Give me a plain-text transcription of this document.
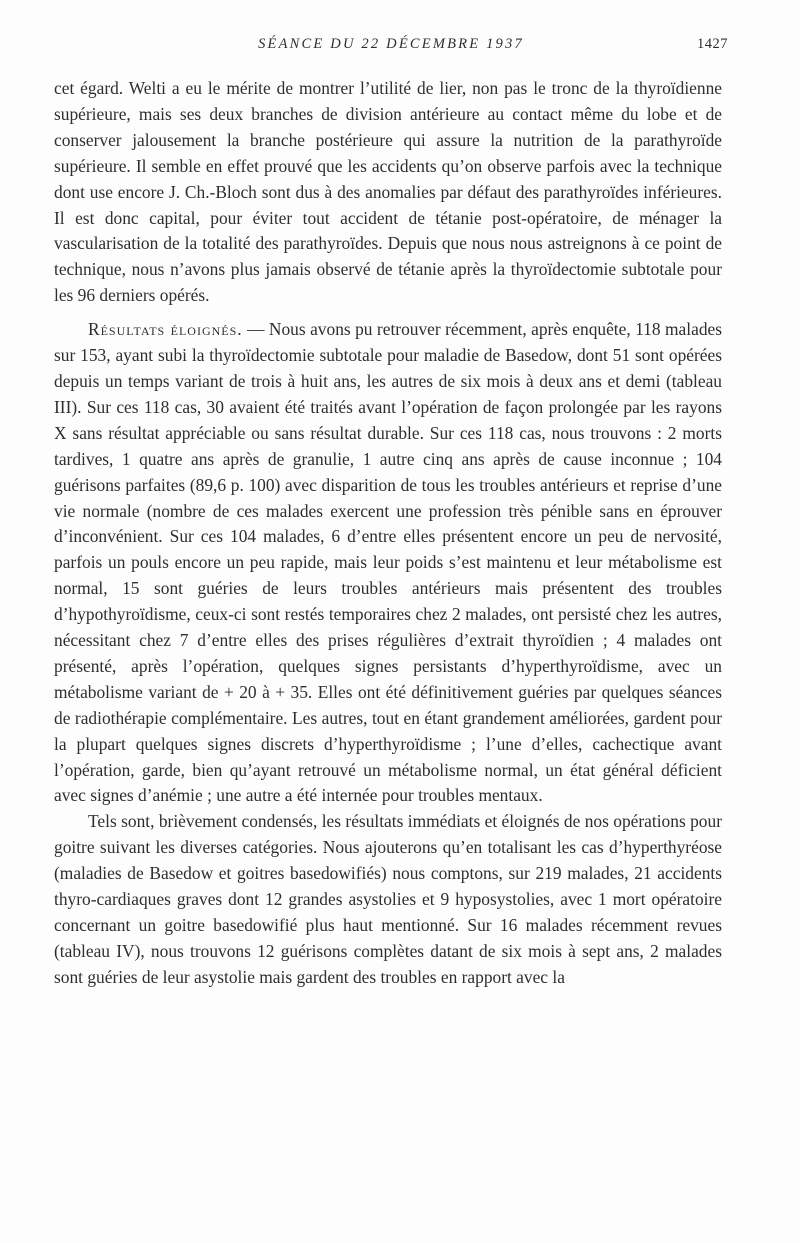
SÉANCE DU 22 DÉCEMBRE 1937	1427

cet égard. Welti a eu le mérite de montrer l’utilité de lier, non pas le tronc de la thyroïdienne supérieure, mais ses deux branches de division antérieure au contact même du lobe et de conserver jalousement la branche postérieure qui assure la nutrition de la parathyroïde supérieure. Il semble en effet prouvé que les accidents qu’on observe parfois avec la technique dont use encore J. Ch.-Bloch sont dus à des anomalies par défaut des parathyroïdes inférieures. Il est donc capital, pour éviter tout accident de tétanie post-opératoire, de ménager la vascularisation de la totalité des parathyroïdes. Depuis que nous nous astreignons à ce point de technique, nous n’avons plus jamais observé de tétanie après la thyroïdectomie subtotale pour les 96 derniers opérés.

Résultats éloignés. — Nous avons pu retrouver récemment, après enquête, 118 malades sur 153, ayant subi la thyroïdectomie subtotale pour maladie de Basedow, dont 51 sont opérées depuis un temps variant de trois à huit ans, les autres de six mois à deux ans et demi (tableau III). Sur ces 118 cas, 30 avaient été traités avant l’opération de façon prolongée par les rayons X sans résultat appréciable ou sans résultat durable. Sur ces 118 cas, nous trouvons : 2 morts tardives, 1 quatre ans après de granulie, 1 autre cinq ans après de cause inconnue ; 104 guérisons parfaites (89,6 p. 100) avec disparition de tous les troubles antérieurs et reprise d’une vie normale (nombre de ces malades exercent une profession très pénible sans en éprouver d’inconvénient. Sur ces 104 malades, 6 d’entre elles présentent encore un peu de nervosité, parfois un pouls encore un peu rapide, mais leur poids s’est maintenu et leur métabolisme est normal, 15 sont guéries de leurs troubles antérieurs mais présentent des troubles d’hypothyroïdisme, ceux-ci sont restés temporaires chez 2 malades, ont persisté chez les autres, nécessitant chez 7 d’entre elles des prises régulières d’extrait thyroïdien ; 4 malades ont présenté, après l’opération, quelques signes persistants d’hyperthyroïdisme, avec un métabolisme variant de + 20 à + 35. Elles ont été définitivement guéries par quelques séances de radiothérapie complémentaire. Les autres, tout en étant grandement améliorées, gardent pour la plupart quelques signes discrets d’hyperthyroïdisme ; l’une d’elles, cachectique avant l’opération, garde, bien qu’ayant retrouvé un métabolisme normal, un état général déficient avec signes d’anémie ; une autre a été internée pour troubles mentaux.

Tels sont, brièvement condensés, les résultats immédiats et éloignés de nos opérations pour goitre suivant les diverses catégories. Nous ajouterons qu’en totalisant les cas d’hyperthyréose (maladies de Basedow et goitres basedowifiés) nous comptons, sur 219 malades, 21 accidents thyro-cardiaques graves dont 12 grandes asystolies et 9 hyposystolies, avec 1 mort opératoire concernant un goitre basedowifié plus haut mentionné. Sur 16 malades récemment revues (tableau IV), nous trouvons 12 guérisons complètes datant de six mois à sept ans, 2 malades sont guéries de leur asystolie mais gardent des troubles en rapport avec la
